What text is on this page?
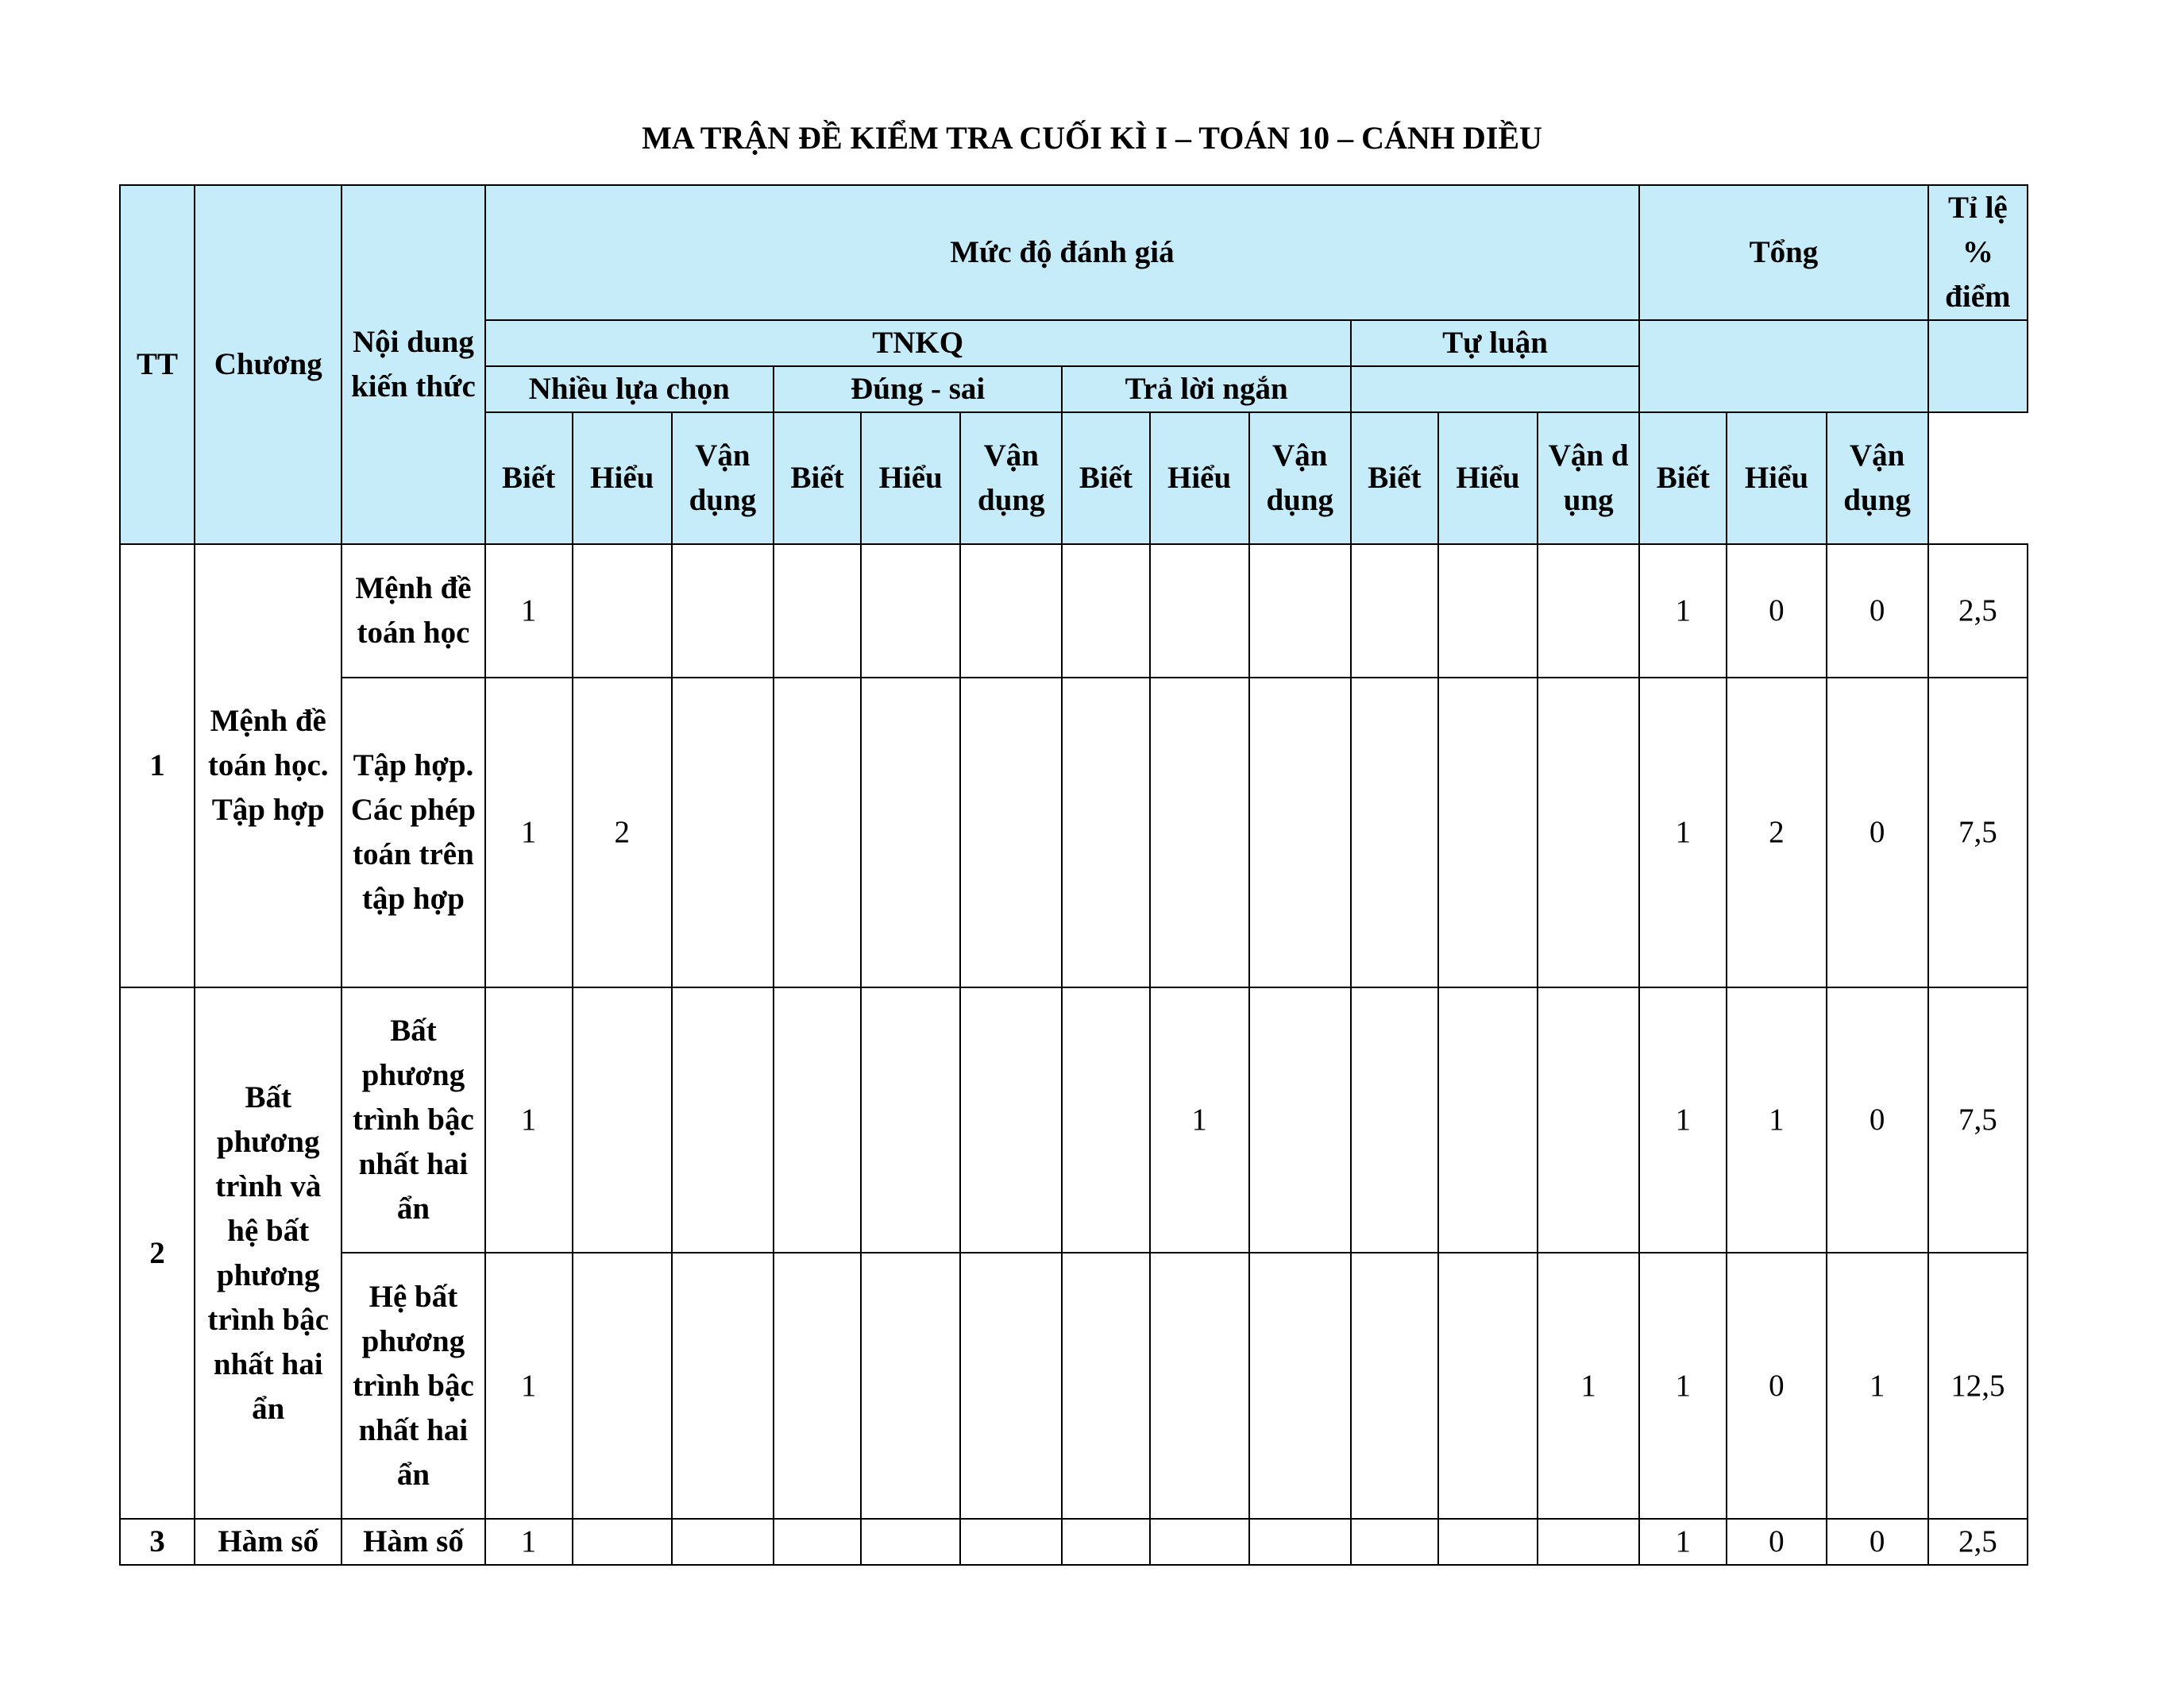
MA TRẬN ĐỀ KIỂM TRA CUỐI KÌ I – TOÁN 10 – CÁNH DIỀU
TT	Chương	Nội dung kiến thức	Mức độ đánh giá												Tổng			Tỉ lệ % điểm
			TNKQ									Tự luận						
			Nhiều lựa chọn			Đúng - sai			Trả lời ngắn									
			Biết	Hiểu	Vận dụng	Biết	Hiểu	Vận dụng	Biết	Hiểu	Vận dụng	Biết	Hiểu	Vận dụng	Biết	Hiểu	Vận dụng	
1	Mệnh đề toán học. Tập hợp	Mệnh đề toán học	1												1	0	0	2,5
		Tập hợp. Các phép toán trên tập hợp	1	2											1	2	0	7,5
2	Bất phương trình và hệ bất phương trình bậc nhất hai ẩn	Bất phương trình bậc nhất hai ẩn	1							1					1	1	0	7,5
		Hệ bất phương trình bậc nhất hai ẩn	1											1	1	0	1	12,5
3	Hàm số	Hàm số	1												1	0	0	2,5
